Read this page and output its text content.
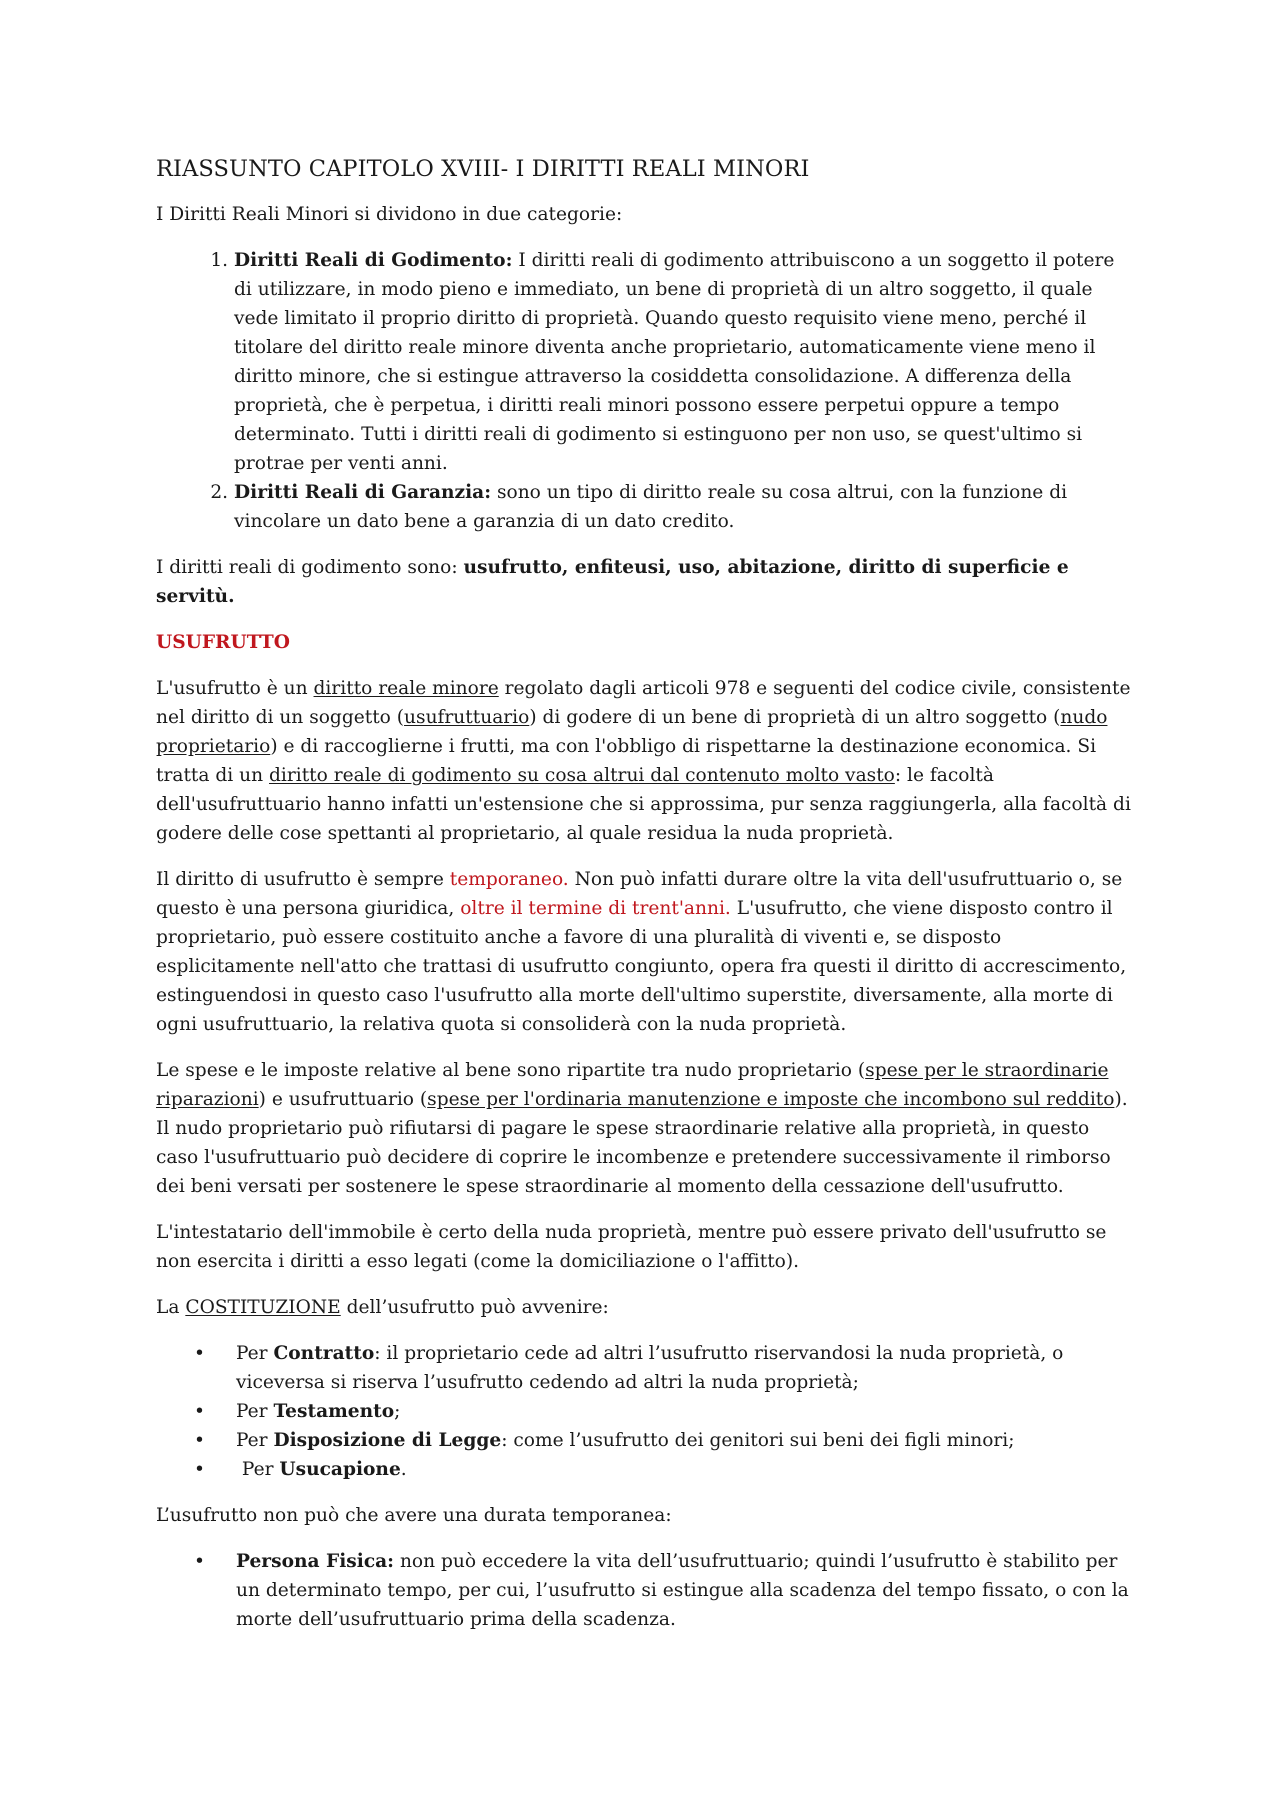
RIASSUNTO CAPITOLO XVIII- I DIRITTI REALI MINORI

I Diritti Reali Minori si dividono in due categorie:

1. Diritti Reali di Godimento: I diritti reali di godimento attribuiscono a un soggetto il potere di utilizzare, in modo pieno e immediato, un bene di proprietà di un altro soggetto, il quale vede limitato il proprio diritto di proprietà. Quando questo requisito viene meno, perché il titolare del diritto reale minore diventa anche proprietario, automaticamente viene meno il diritto minore, che si estingue attraverso la cosiddetta consolidazione. A differenza della proprietà, che è perpetua, i diritti reali minori possono essere perpetui oppure a tempo determinato. Tutti i diritti reali di godimento si estinguono per non uso, se quest'ultimo si protrae per venti anni.
2. Diritti Reali di Garanzia: sono un tipo di diritto reale su cosa altrui, con la funzione di vincolare un dato bene a garanzia di un dato credito.

I diritti reali di godimento sono: usufrutto, enfiteusi, uso, abitazione, diritto di superficie e servitù.

USUFRUTTO

L'usufrutto è un diritto reale minore regolato dagli articoli 978 e seguenti del codice civile, consistente nel diritto di un soggetto (usufruttuario) di godere di un bene di proprietà di un altro soggetto (nudo proprietario) e di raccoglierne i frutti, ma con l'obbligo di rispettarne la destinazione economica. Si tratta di un diritto reale di godimento su cosa altrui dal contenuto molto vasto: le facoltà dell'usufruttuario hanno infatti un'estensione che si approssima, pur senza raggiungerla, alla facoltà di godere delle cose spettanti al proprietario, al quale residua la nuda proprietà.

Il diritto di usufrutto è sempre temporaneo. Non può infatti durare oltre la vita dell'usufruttuario o, se questo è una persona giuridica, oltre il termine di trent'anni. L'usufrutto, che viene disposto contro il proprietario, può essere costituito anche a favore di una pluralità di viventi e, se disposto esplicitamente nell'atto che trattasi di usufrutto congiunto, opera fra questi il diritto di accrescimento, estinguendosi in questo caso l'usufrutto alla morte dell'ultimo superstite, diversamente, alla morte di ogni usufruttuario, la relativa quota si consoliderà con la nuda proprietà.

Le spese e le imposte relative al bene sono ripartite tra nudo proprietario (spese per le straordinarie riparazioni) e usufruttuario (spese per l'ordinaria manutenzione e imposte che incombono sul reddito). Il nudo proprietario può rifiutarsi di pagare le spese straordinarie relative alla proprietà, in questo caso l'usufruttuario può decidere di coprire le incombenze e pretendere successivamente il rimborso dei beni versati per sostenere le spese straordinarie al momento della cessazione dell'usufrutto.

L'intestatario dell'immobile è certo della nuda proprietà, mentre può essere privato dell'usufrutto se non esercita i diritti a esso legati (come la domiciliazione o l'affitto).

La COSTITUZIONE dell’usufrutto può avvenire:

• Per Contratto: il proprietario cede ad altri l’usufrutto riservandosi la nuda proprietà, o viceversa si riserva l’usufrutto cedendo ad altri la nuda proprietà;
• Per Testamento;
• Per Disposizione di Legge: come l’usufrutto dei genitori sui beni dei figli minori;
•  Per Usucapione.

L’usufrutto non può che avere una durata temporanea:

• Persona Fisica: non può eccedere la vita dell’usufruttuario; quindi l’usufrutto è stabilito per un determinato tempo, per cui, l’usufrutto si estingue alla scadenza del tempo fissato, o con la morte dell’usufruttuario prima della scadenza.
